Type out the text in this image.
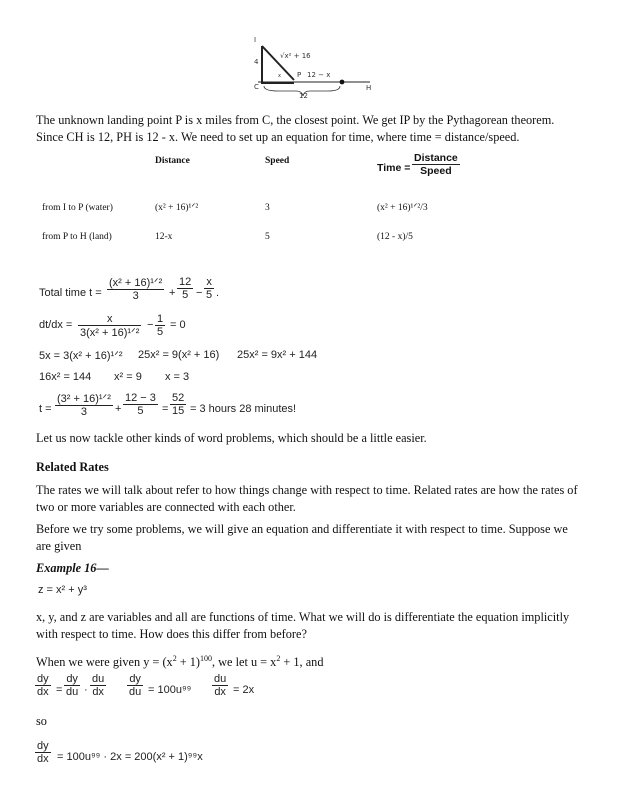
I
4
√x² + 16
x P 12 − x
C	H
12
The unknown landing point P is x miles from C, the closest point. We get IP by the Pythagorean theorem. Since CH is 12, PH is 12 - x. We need to set up an equation for time, where time = distance/speed.
Distance	Speed
Time =
Distance
Speed
from I to P (water)	(x² + 16)¹ᐟ²	3	(x² + 16)¹ᐟ²/3
from P to H (land)	12-x	5	(12 - x)/5
Total time t =
(x² + 16)¹ᐟ²
3	+ $\frac{12}{5} - \frac{x}{5}$ .
dt/dx =	x
3(x² + 16)¹ᐟ²
− $\frac{1}{5} = 0$
5x = 3(x² + 16)¹ᐟ² 25x² = 9(x² + 16) 25x² = 9x² + 144
16x² = 144 x² = 9 x = 3
t =
(3² + 16)¹ᐟ²
3	+ $\frac{12 - 3}{5} = \frac{52}{15} = 3$ hours 28 minutes!
Let us now tackle other kinds of word problems, which should be a little easier.
Related Rates
The rates we will talk about refer to how things change with respect to time. Related rates are how the rates of two or more variables are connected with each other.
Before we try some problems, we will give an equation and differentiate it with respect to time. Suppose we are given
Example 16—
z = x² + y³
x, y, and z are variables and all are functions of time. What we will do is differentiate the equation implicitly with respect to time. How does this differ from before?
When we were given $y = (x^2 + 1)^{100}$, we let $u = x^2 + 1$, and
$\frac{dy}{dx} = \frac{dy}{du} \cdot \frac{du}{dx} \frac{dy}{du} = 100u^{99} \frac{du}{dx} = 2x$
so
$\frac{dy}{dx} = 100u^{99} \cdot 2x = 200(x^2 + 1)^{99}x$
